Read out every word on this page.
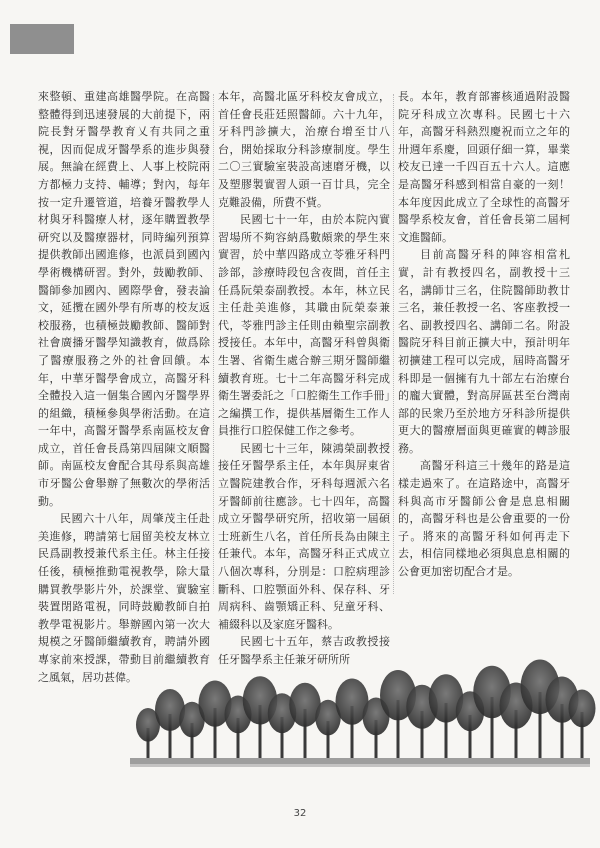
來整頓、重建高雄醫學院。在高醫整體得到迅速發展的大前提下，兩院長對牙醫學教育乂有共同之重視，因而促成牙醫學系的進步與發展。無論在經費上、人事上校院兩方都極力支持、輔導；對內，每年按一定升遷管道，培養牙醫教學人材與牙科醫療人材，逐年購置教學研究以及醫療器材，同時編列預算提供教師出國進修，也派員到國內學術機構研習。對外，鼓勵教師、醫師參加國內、國際學會，發表論文，延攬在國外學有所專的校友返校服務，也積極鼓勵教師、醫師對社會廣播牙醫學知識教育，做爲除了醫療服務之外的社會回饋。本年，中華牙醫學會成立，高醫牙科全體投入這一個集合國內牙醫學界的組織，積極參與學術活動。在這一年中，高醫牙醫學系南區校友會成立，首任會長爲第四屆陳文順醫師。南區校友會配合其母系與高雄市牙醫公會舉辦了無數次的學術活動。

民國六十八年，周肇茂主任赴美進修，聘請第七屆留美校友林立民爲副教授兼代系主任。林主任接任後，積極推動電視教學，除大量購買教學影片外，於課堂、實驗室裝置閉路電視，同時鼓勵教師自拍教學電視影片。舉辦國內第一次大規模之牙醫師繼續教育，聘請外國專家前來授課，帶動目前繼續教育之風氣，居功甚偉。

本年，高醫北區牙科校友會成立，首任會長莊廷照醫師。六十九年，牙科門診擴大，治療台增至廿八台，開始採取分科診療制度。學生二〇三實驗室裝設高速磨牙機，以及塑膠製實習人頭一百廿具，完全克難設備，所費不貲。

民國七十一年，由於本院內實習場所不夠容納爲數頗衆的學生來實習，於中華四路成立苓雅牙科門診部，診療時段包含夜間，首任主任爲阮榮泰副教授。本年，林立民主任赴美進修，其職由阮榮泰兼代，苓雅門診主任則由賴聖宗副教授接任。本年中，高醫牙科曾與衛生署、省衛生處合辦三期牙醫師繼續教育班。七十二年高醫牙科完成衛生署委託之「口腔衛生工作手冊」之編撰工作，提供基層衛生工作人員推行口腔保健工作之參考。

民國七十三年，陳鴻榮副教授接任牙醫學系主任，本年與屏東省立醫院建教合作，牙科每週派六名牙醫師前往應診。七十四年，高醫成立牙醫學研究所，招收第一屆碩士班新生八名，首任所長為由陳主任兼代。本年，高醫牙科正式成立八個次專科，分別是：口腔病理診斷科、口腔顎面外科、保存科、牙周病科、齒顎矯正科、兒童牙科、補綴科以及家庭牙醫科。

民國七十五年，蔡吉政教授接任牙醫學系主任兼牙研所所

長。本年，教育部審核通過附設醫院牙科成立次專科。民國七十六年，高醫牙科熱烈慶祝而立之年的卅週年系慶，回頭仔細一算，畢業校友已達一千四百五十六人。這應是高醫牙科感到相當自豪的一刻！本年度因此成立了全球性的高醫牙醫學系校友會，首任會長第二屆柯文進醫師。

目前高醫牙科的陣容相當札實，計有教授四名，副教授十三名，講師廿三名，住院醫師助教廿三名，兼任教授一名、客座教授一名、副教授四名、講師二名。附設醫院牙科目前正擴大中，預計明年初擴建工程可以完成，屆時高醫牙科即是一個擁有九十部左右治療台的龐大實體，對高屏區甚至台灣南部的民衆乃至於地方牙科診所提供更大的醫療層面與更確實的轉診服務。

高醫牙科這三十幾年的路是這樣走過來了。在這路途中，高醫牙科與高市牙醫師公會是息息相關的，高醫牙科也是公會重要的一份子。將來的高醫牙科如何再走下去，相信同樣地必須與息息相關的公會更加密切配合才是。

32
